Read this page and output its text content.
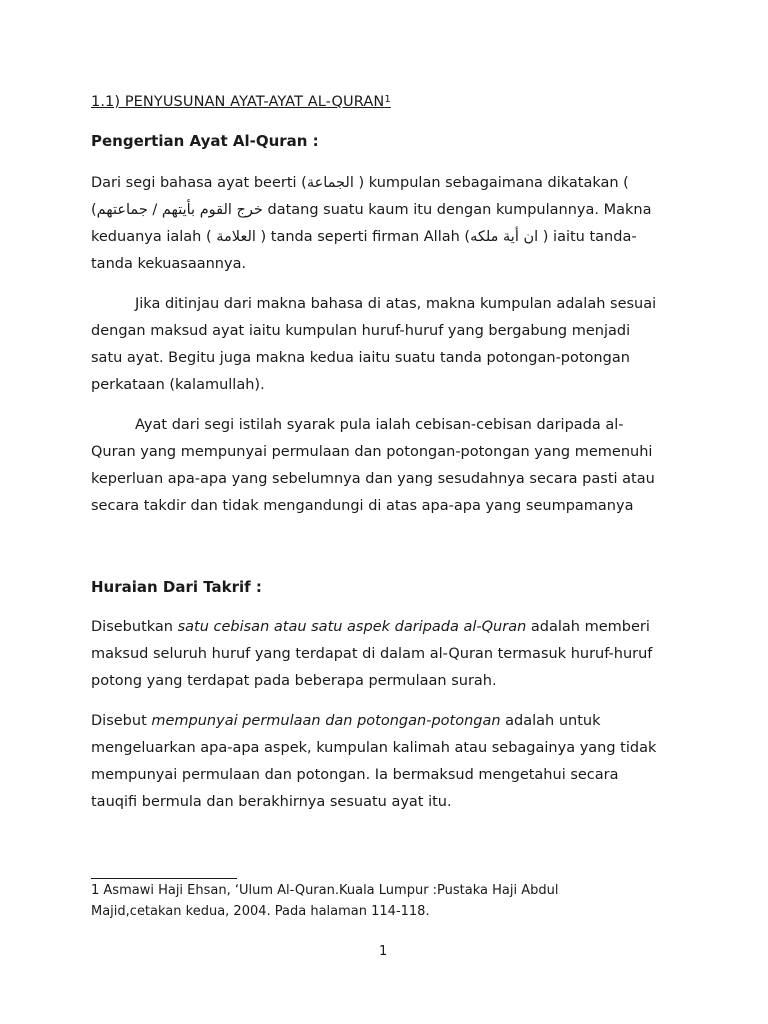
1.1) PENYUSUNAN AYAT-AYAT AL-QURAN$^1$
Pengertian Ayat Al-Quran :
Dari segi bahasa ayat beerti (الجماعة ) kumpulan sebagaimana dikatakan (
خرج القوم بأيتهم / جماعتهم) datang suatu kaum itu dengan kumpulannya. Makna
keduanya ialah ( العلامة ) tanda seperti firman Allah (ان أية ملكه ) iaitu tanda-
tanda kekuasaannya.
Jika ditinjau dari makna bahasa di atas, makna kumpulan adalah sesuai
dengan maksud ayat iaitu kumpulan huruf-huruf yang bergabung menjadi
satu ayat. Begitu juga makna kedua iaitu suatu tanda potongan-potongan
perkataan (kalamullah).
Ayat dari segi istilah syarak pula ialah cebisan-cebisan daripada al-
Quran yang mempunyai permulaan dan potongan-potongan yang memenuhi
keperluan apa-apa yang sebelumnya dan yang sesudahnya secara pasti atau
secara takdir dan tidak mengandungi di atas apa-apa yang seumpamanya
Huraian Dari Takrif :
Disebutkan satu cebisan atau satu aspek daripada al-Quran adalah memberi
maksud seluruh huruf yang terdapat di dalam al-Quran termasuk huruf-huruf
potong yang terdapat pada beberapa permulaan surah.
Disebut mempunyai permulaan dan potongan-potongan adalah untuk
mengeluarkan apa-apa aspek, kumpulan kalimah atau sebagainya yang tidak
mempunyai permulaan dan potongan. Ia bermaksud mengetahui secara
tauqifi bermula dan berakhirnya sesuatu ayat itu.
1 Asmawi Haji Ehsan, ‘Ulum Al-Quran.Kuala Lumpur :Pustaka Haji Abdul
Majid,cetakan kedua, 2004. Pada halaman 114-118.
1
